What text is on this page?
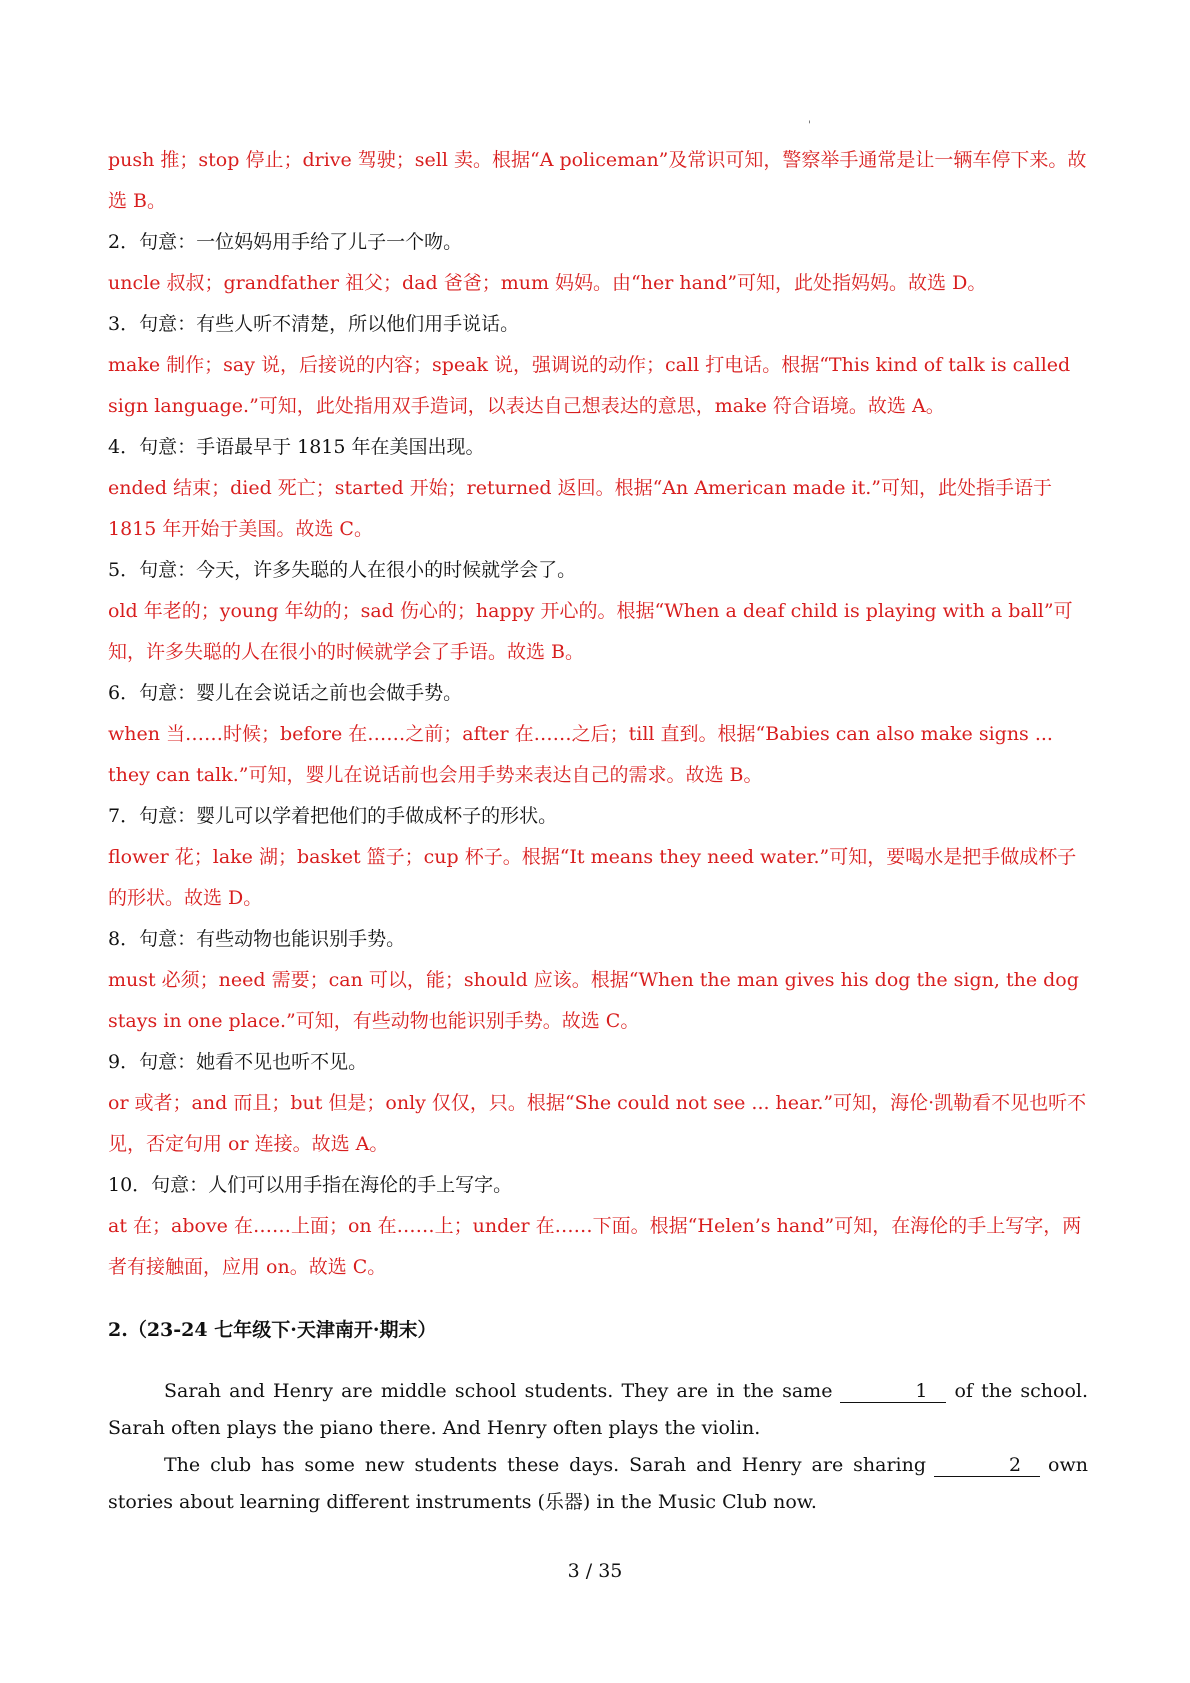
'

push 推；stop 停止；drive 驾驶；sell 卖。根据“A policeman”及常识可知，警察举手通常是让一辆车停下来。故选 B。

2．句意：一位妈妈用手给了儿子一个吻。

uncle 叔叔；grandfather 祖父；dad 爸爸；mum 妈妈。由“her hand”可知，此处指妈妈。故选 D。

3．句意：有些人听不清楚，所以他们用手说话。

make 制作；say 说，后接说的内容；speak 说，强调说的动作；call 打电话。根据“This kind of talk is called sign language.”可知，此处指用双手造词，以表达自己想表达的意思，make 符合语境。故选 A。

4．句意：手语最早于 1815 年在美国出现。

ended 结束；died 死亡；started 开始；returned 返回。根据“An American made it.”可知，此处指手语于 1815 年开始于美国。故选 C。

5．句意：今天，许多失聪的人在很小的时候就学会了。

old 年老的；young 年幼的；sad 伤心的；happy 开心的。根据“When a deaf child is playing with a ball”可知，许多失聪的人在很小的时候就学会了手语。故选 B。

6．句意：婴儿在会说话之前也会做手势。

when 当……时候；before 在……之前；after 在……之后；till 直到。根据“Babies can also make signs ... they can talk.”可知，婴儿在说话前也会用手势来表达自己的需求。故选 B。

7．句意：婴儿可以学着把他们的手做成杯子的形状。

flower 花；lake 湖；basket 篮子；cup 杯子。根据“It means they need water.”可知，要喝水是把手做成杯子的形状。故选 D。

8．句意：有些动物也能识别手势。

must 必须；need 需要；can 可以，能；should 应该。根据“When the man gives his dog the sign, the dog stays in one place.”可知，有些动物也能识别手势。故选 C。

9．句意：她看不见也听不见。

or 或者；and 而且；but 但是；only 仅仅，只。根据“She could not see ... hear.”可知，海伦·凯勒看不见也听不见，否定句用 or 连接。故选 A。

10．句意：人们可以用手指在海伦的手上写字。

at 在；above 在……上面；on 在……上；under 在……下面。根据“Helen’s hand”可知，在海伦的手上写字，两者有接触面，应用 on。故选 C。

2.（23-24 七年级下·天津南开·期末）

Sarah and Henry are middle school students. They are in the same	1 of the school. Sarah often plays the piano there. And Henry often plays the violin.

The club has some new students these days. Sarah and Henry are sharing	2 own stories about learning different instruments (乐器) in the Music Club now.

3 / 35
